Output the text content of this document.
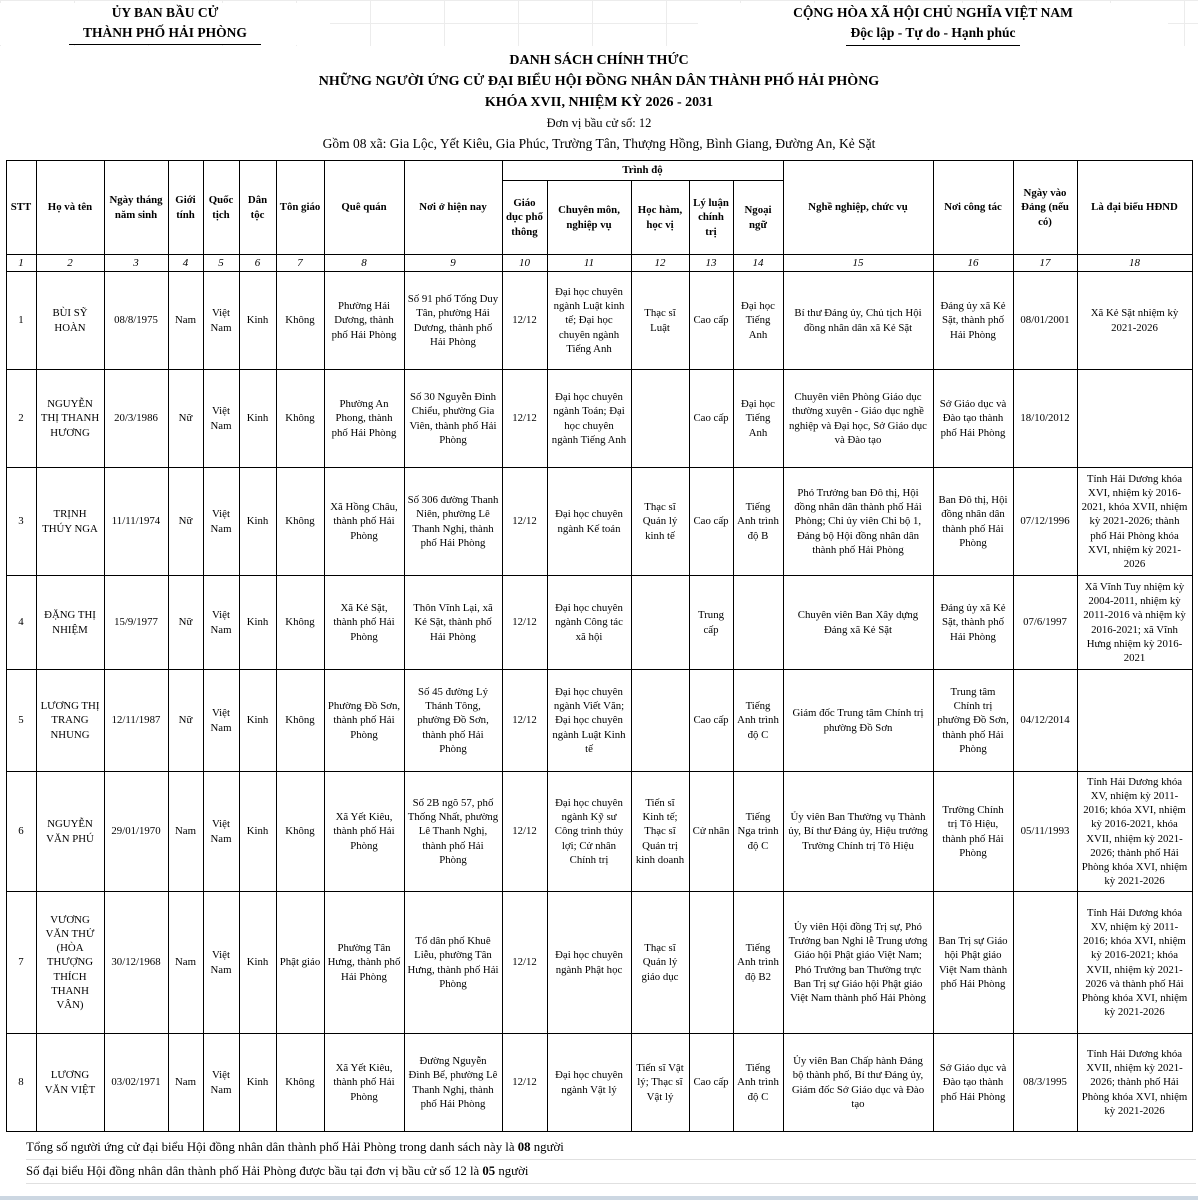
ỦY BAN BẦU CỬ
THÀNH PHỐ HẢI PHÒNG
CỘNG HÒA XÃ HỘI CHỦ NGHĨA VIỆT NAM
Độc lập - Tự do - Hạnh phúc
DANH SÁCH CHÍNH THỨC
NHỮNG NGƯỜI ỨNG CỬ ĐẠI BIỂU HỘI ĐỒNG NHÂN DÂN THÀNH PHỐ HẢI PHÒNG
KHÓA XVII, NHIỆM KỲ 2026 - 2031
Đơn vị bầu cử số: 12
Gồm 08 xã: Gia Lộc, Yết Kiêu, Gia Phúc, Trường Tân, Thượng Hồng, Bình Giang, Đường An, Kẻ Sặt
STT	Họ và tên	Ngày tháng năm sinh	Giới tính	Quốc tịch	Dân tộc	Tôn giáo	Quê quán	Nơi ở hiện nay	Trình độ					Nghề nghiệp, chức vụ	Nơi công tác	Ngày vào Đảng (nếu có)	Là đại biểu HĐND
									Giáo dục phổ thông	Chuyên môn, nghiệp vụ	Học hàm, học vị	Lý luận chính trị	Ngoại ngữ				
1	2	3	4	5	6	7	8	9	10	11	12	13	14	15	16	17	18
1	BÙI SỸ HOÀN	08/8/1975	Nam	Việt Nam	Kinh	Không	Phường Hải Dương, thành phố Hải Phòng	Số 91 phố Tống Duy Tân, phường Hải Dương, thành phố Hải Phòng	12/12	Đại học chuyên ngành Luật kinh tế; Đại học chuyên ngành Tiếng Anh	Thạc sĩ Luật	Cao cấp	Đại học Tiếng Anh	Bí thư Đảng ủy, Chủ tịch Hội đồng nhân dân xã Kẻ Sặt	Đảng ủy xã Kẻ Sặt, thành phố Hải Phòng	08/01/2001	Xã Kẻ Sặt nhiệm kỳ 2021-2026
2	NGUYỄN THỊ THANH HƯƠNG	20/3/1986	Nữ	Việt Nam	Kinh	Không	Phường An Phong, thành phố Hải Phòng	Số 30 Nguyễn Đình Chiểu, phường Gia Viên, thành phố Hải Phòng	12/12	Đại học chuyên ngành Toán; Đại học chuyên ngành Tiếng Anh		Cao cấp	Đại học Tiếng Anh	Chuyên viên Phòng Giáo dục thường xuyên - Giáo dục nghề nghiệp và Đại học, Sở Giáo dục và Đào tạo	Sở Giáo dục và Đào tạo thành phố Hải Phòng	18/10/2012	
3	TRỊNH THÚY NGA	11/11/1974	Nữ	Việt Nam	Kinh	Không	Xã Hồng Châu, thành phố Hải Phòng	Số 306 đường Thanh Niên, phường Lê Thanh Nghị, thành phố Hải Phòng	12/12	Đại học chuyên ngành Kế toán	Thạc sĩ Quản lý kinh tế	Cao cấp	Tiếng Anh trình độ B	Phó Trưởng ban Đô thị, Hội đồng nhân dân thành phố Hải Phòng; Chi ủy viên Chi bộ 1, Đảng bộ Hội đồng nhân dân thành phố Hải Phòng	Ban Đô thị, Hội đồng nhân dân thành phố Hải Phòng	07/12/1996	Tỉnh Hải Dương khóa XVI, nhiệm kỳ 2016-2021, khóa XVII, nhiệm kỳ 2021-2026; thành phố Hải Phòng khóa XVI, nhiệm kỳ 2021-2026
4	ĐẶNG THỊ NHIỆM	15/9/1977	Nữ	Việt Nam	Kinh	Không	Xã Kẻ Sặt, thành phố Hải Phòng	Thôn Vĩnh Lại, xã Kẻ Sặt, thành phố Hải Phòng	12/12	Đại học chuyên ngành Công tác xã hội		Trung cấp		Chuyên viên Ban Xây dựng Đảng xã Kẻ Sặt	Đảng ủy xã Kẻ Sặt, thành phố Hải Phòng	07/6/1997	Xã Vĩnh Tuy nhiệm kỳ 2004-2011, nhiệm kỳ 2011-2016 và nhiệm kỳ 2016-2021; xã Vĩnh Hưng nhiệm kỳ 2016-2021
5	LƯƠNG THỊ TRANG NHUNG	12/11/1987	Nữ	Việt Nam	Kinh	Không	Phường Đồ Sơn, thành phố Hải Phòng	Số 45 đường Lý Thánh Tông, phường Đồ Sơn, thành phố Hải Phòng	12/12	Đại học chuyên ngành Viết Văn; Đại học chuyên ngành Luật Kinh tế		Cao cấp	Tiếng Anh trình độ C	Giám đốc Trung tâm Chính trị phường Đồ Sơn	Trung tâm Chính trị phường Đồ Sơn, thành phố Hải Phòng	04/12/2014	
6	NGUYỄN VĂN PHÚ	29/01/1970	Nam	Việt Nam	Kinh	Không	Xã Yết Kiêu, thành phố Hải Phòng	Số 2B ngõ 57, phố Thống Nhất, phường Lê Thanh Nghị, thành phố Hải Phòng	12/12	Đại học chuyên ngành Kỹ sư Công trình thủy lợi; Cử nhân Chính trị	Tiến sĩ Kinh tế; Thạc sĩ Quản trị kinh doanh	Cử nhân	Tiếng Nga trình độ C	Ủy viên Ban Thường vụ Thành ủy, Bí thư Đảng ủy, Hiệu trưởng Trường Chính trị Tô Hiệu	Trường Chính trị Tô Hiệu, thành phố Hải Phòng	05/11/1993	Tỉnh Hải Dương khóa XV, nhiệm kỳ 2011-2016; khóa XVI, nhiệm kỳ 2016-2021, khóa XVII, nhiệm kỳ 2021-2026; thành phố Hải Phòng khóa XVI, nhiệm kỳ 2021-2026
7	VƯƠNG VĂN THỬ (HÒA THƯỢNG THÍCH THANH VÂN)	30/12/1968	Nam	Việt Nam	Kinh	Phật giáo	Phường Tân Hưng, thành phố Hải Phòng	Tổ dân phố Khuê Liễu, phường Tân Hưng, thành phố Hải Phòng	12/12	Đại học chuyên ngành Phật học	Thạc sĩ Quản lý giáo dục		Tiếng Anh trình độ B2	Ủy viên Hội đồng Trị sự, Phó Trưởng ban Nghi lễ Trung ương Giáo hội Phật giáo Việt Nam; Phó Trưởng ban Thường trực Ban Trị sự Giáo hội Phật giáo Việt Nam thành phố Hải Phòng	Ban Trị sự Giáo hội Phật giáo Việt Nam thành phố Hải Phòng		Tỉnh Hải Dương khóa XV, nhiệm kỳ 2011-2016; khóa XVI, nhiệm kỳ 2016-2021; khóa XVII, nhiệm kỳ 2021-2026 và thành phố Hải Phòng khóa XVI, nhiệm kỳ 2021-2026
8	LƯƠNG VĂN VIỆT	03/02/1971	Nam	Việt Nam	Kinh	Không	Xã Yết Kiêu, thành phố Hải Phòng	Đường Nguyễn Đình Bể, phường Lê Thanh Nghị, thành phố Hải Phòng	12/12	Đại học chuyên ngành Vật lý	Tiến sĩ Vật lý; Thạc sĩ Vật lý	Cao cấp	Tiếng Anh trình độ C	Ủy viên Ban Chấp hành Đảng bộ thành phố, Bí thư Đảng ủy, Giám đốc Sở Giáo dục và Đào tạo	Sở Giáo dục và Đào tạo thành phố Hải Phòng	08/3/1995	Tỉnh Hải Dương khóa XVII, nhiệm kỳ 2021-2026; thành phố Hải Phòng khóa XVI, nhiệm kỳ 2021-2026
Tổng số người ứng cử đại biểu Hội đồng nhân dân thành phố Hải Phòng trong danh sách này là 08 người
Số đại biểu Hội đồng nhân dân thành phố Hải Phòng được bầu tại đơn vị bầu cử số 12 là 05 người
